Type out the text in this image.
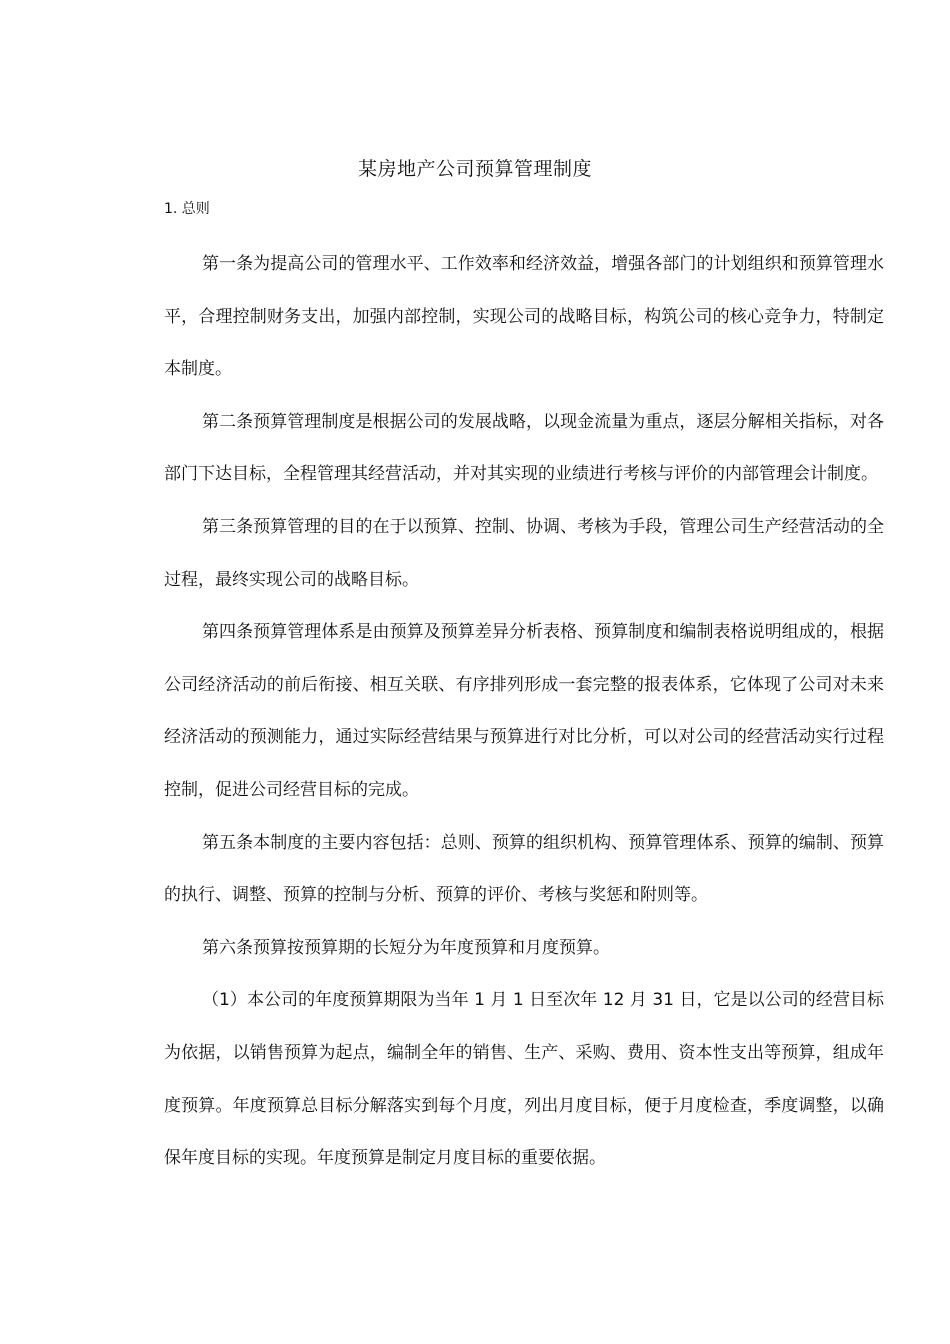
某房地产公司预算管理制度
1. 总则

第一条为提高公司的管理水平、工作效率和经济效益，增强各部门的计划组织和预算管理水平，合理控制财务支出，加强内部控制，实现公司的战略目标，构筑公司的核心竞争力，特制定本制度。

第二条预算管理制度是根据公司的发展战略，以现金流量为重点，逐层分解相关指标，对各部门下达目标，全程管理其经营活动，并对其实现的业绩进行考核与评价的内部管理会计制度。

第三条预算管理的目的在于以预算、控制、协调、考核为手段，管理公司生产经营活动的全过程，最终实现公司的战略目标。

第四条预算管理体系是由预算及预算差异分析表格、预算制度和编制表格说明组成的，根据公司经济活动的前后衔接、相互关联、有序排列形成一套完整的报表体系，它体现了公司对未来经济活动的预测能力，通过实际经营结果与预算进行对比分析，可以对公司的经营活动实行过程控制，促进公司经营目标的完成。

第五条本制度的主要内容包括：总则、预算的组织机构、预算管理体系、预算的编制、预算的执行、调整、预算的控制与分析、预算的评价、考核与奖惩和附则等。

第六条预算按预算期的长短分为年度预算和月度预算。

（1）本公司的年度预算期限为当年 1 月 1 日至次年 12 月 31 日，它是以公司的经营目标为依据，以销售预算为起点，编制全年的销售、生产、采购、费用、资本性支出等预算，组成年度预算。年度预算总目标分解落实到每个月度，列出月度目标，便于月度检查，季度调整，以确保年度目标的实现。年度预算是制定月度目标的重要依据。
